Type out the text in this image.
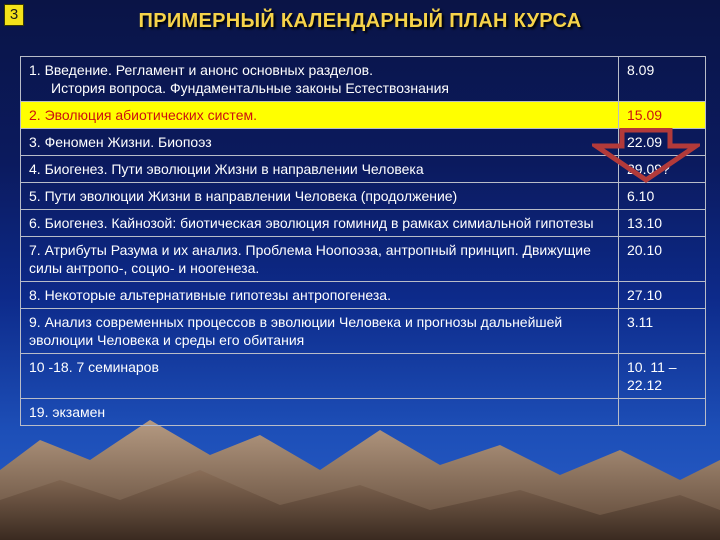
3	ПРИМЕРНЫЙ КАЛЕНДАРНЫЙ ПЛАН КУРСА
1. Введение. Регламент и анонс основных разделов.
История вопроса. Фундаментальные законы Естествознания	8.09
2. Эволюция абиотических систем.	15.09
3. Феномен Жизни. Биопоэз	22.09
4. Биогенез. Пути эволюции Жизни в направлении Человека	29.09?
5. Пути эволюции Жизни в направлении Человека (продолжение)	6.10
6. Биогенез. Кайнозой: биотическая эволюция гоминид в рамках симиальной гипотезы	13.10
7. Атрибуты Разума и их анализ. Проблема Ноопоэза, антропный принцип. Движущие силы антропо-, социо- и ноогенеза.	20.10
8. Некоторые альтернативные гипотезы антропогенеза.	27.10
9. Анализ современных процессов в эволюции Человека и прогнозы дальнейшей эволюции Человека и среды его обитания	3.11
10 -18. 7 семинаров	10. 11 – 22.12
19. экзамен	
